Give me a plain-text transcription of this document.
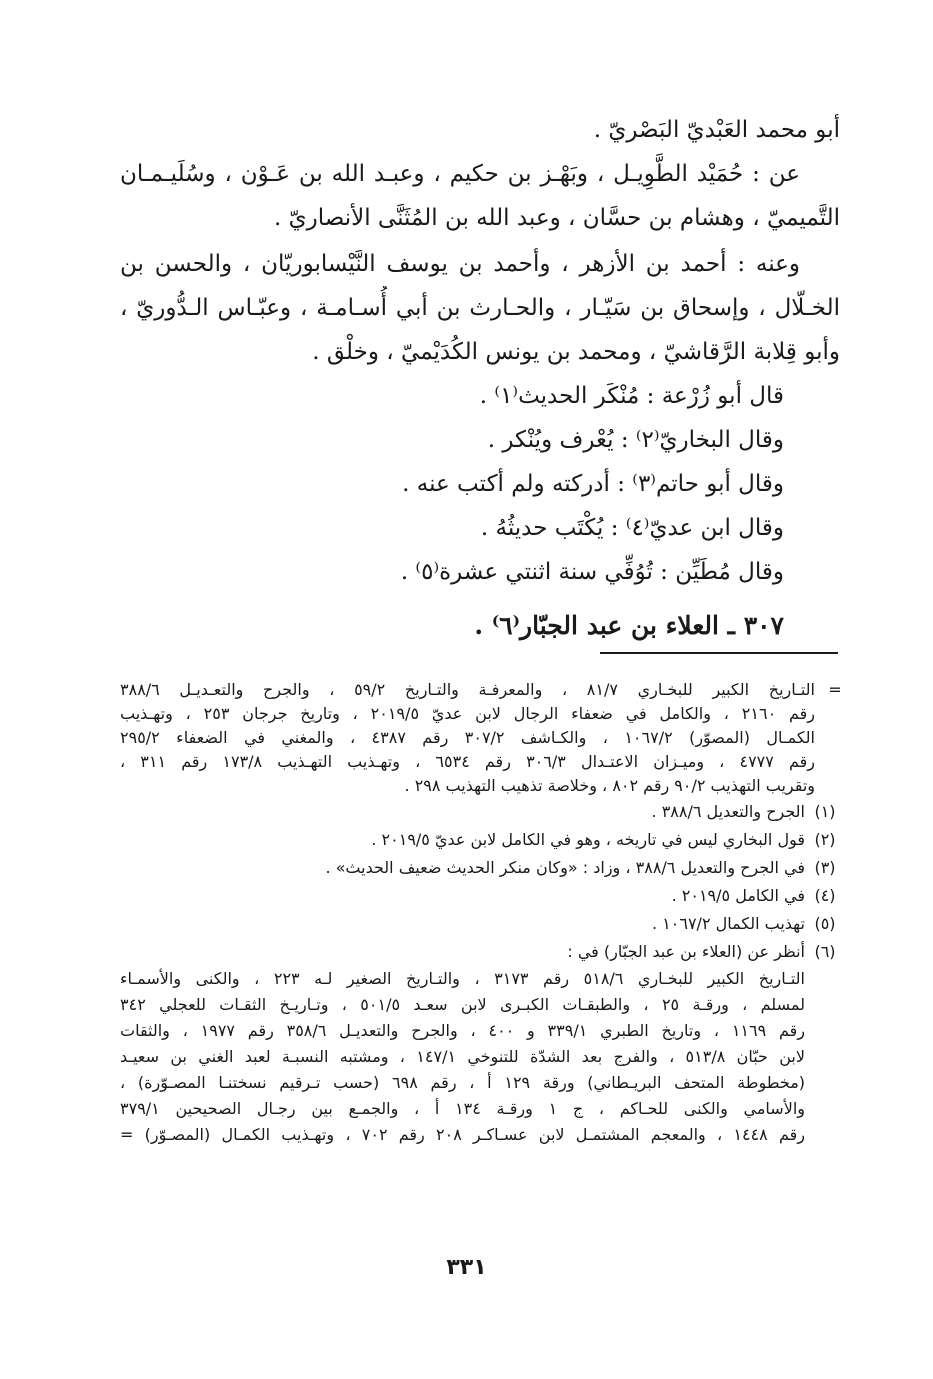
أبو محمد العَبْديّ البَصْريّ .
عن : حُمَيْد الطَّوِيـل ، وبَهْـز بن حكيم ، وعبـد الله بن عَـوْن ، وسُلَيـمـان
التَّميميّ ، وهشام بن حسَّان ، وعبد الله بن المُثَنَّى الأنصاريّ .
وعنه : أحمد بن الأزهر ، وأحمد بن يوسف النَّيْسابوريّان ، والحسن بن
الخـلّال ، وإسحاق بن سَيّـار ، والحـارث بن أبي أُسـامـة ، وعبّـاس الـدُّوريّ ،
وأبو قِلابة الرَّقاشيّ ، ومحمد بن يونس الكُدَيْميّ ، وخلْق .
قال أبو زُرْعة : مُنْكَر الحديث⁽١⁾ .
وقال البخاريّ⁽٢⁾ : يُعْرف ويُنْكر .
وقال أبو حاتم⁽٣⁾ : أدركته ولم أكتب عنه .
وقال ابن عديّ⁽٤⁾ : يُكْتَب حديثُهُ .
وقال مُطَيِّن : تُوُفِّي سنة اثنتي عشرة⁽٥⁾ .
٣٠٧ ـ العلاء بن عبد الجبّار⁽٦⁾ .
=
التـاريخ الكبير للبخـاري ٨١/٧ ، والمعرفـة والتـاريخ ٥٩/٢ ، والجرح والتعـديـل ٣٨٨/٦
رقم ٢١٦٠ ، والكامل في ضعفاء الرجال لابن عديّ ٢٠١٩/٥ ، وتاريخ جرجان ٢٥٣ ، وتهـذيب
الكمـال (المصوّر) ١٠٦٧/٢ ، والكـاشف ٣٠٧/٢ رقم ٤٣٨٧ ، والمغني في الضعفاء ٢٩٥/٢
رقم ٤٧٧٧ ، وميـزان الاعتـدال ٣٠٦/٣ رقم ٦٥٣٤ ، وتهـذيب التهـذيب ١٧٣/٨ رقم ٣١١ ،
وتقريب التهذيب ٩٠/٢ رقم ٨٠٢ ، وخلاصة تذهيب التهذيب ٢٩٨ .
(١)
الجرح والتعديل ٣٨٨/٦ .
(٢)
قول البخاري ليس في تاريخه ، وهو في الكامل لابن عديّ ٢٠١٩/٥ .
(٣)
في الجرح والتعديل ٣٨٨/٦ ، وزاد : «وكان منكر الحديث ضعيف الحديث» .
(٤)
في الكامل ٢٠١٩/٥ .
(٥)
تهذيب الكمال ١٠٦٧/٢ .
(٦)
أنظر عن (العلاء بن عبد الجبّار) في :
التـاريخ الكبير للبخـاري ٥١٨/٦ رقم ٣١٧٣ ، والتـاريخ الصغير لـه ٢٢٣ ، والكنى والأسمـاء
لمسلم ، ورقـة ٢٥ ، والطبقـات الكبـرى لابن سعـد ٥٠١/٥ ، وتـاريـخ الثقـات للعجلي ٣٤٢
رقم ١١٦٩ ، وتاريخ الطبري ٣٣٩/١ و ٤٠٠ ، والجرح والتعديـل ٣٥٨/٦ رقم ١٩٧٧ ، والثقات
لابن حبّان ٥١٣/٨ ، والفرج بعد الشدّة للتنوخي ١٤٧/١ ، ومشتبه النسبـة لعبد الغني بن سعيـد
(مخطوطة المتحف البريـطاني) ورقة ١٢٩ أ ، رقم ٦٩٨ (حسب تـرقيم نسختنـا المصـوّرة) ،
والأسامي والكنى للحـاكم ، ج ١ ورقـة ١٣٤ أ ، والجمـع بين رجـال الصحيحين ٣٧٩/١
رقم ١٤٤٨ ، والمعجم المشتمـل لابن عسـاكـر ٢٠٨ رقم ٧٠٢ ، وتهـذيب الكمـال (المصـوّر) =
٣٣١
